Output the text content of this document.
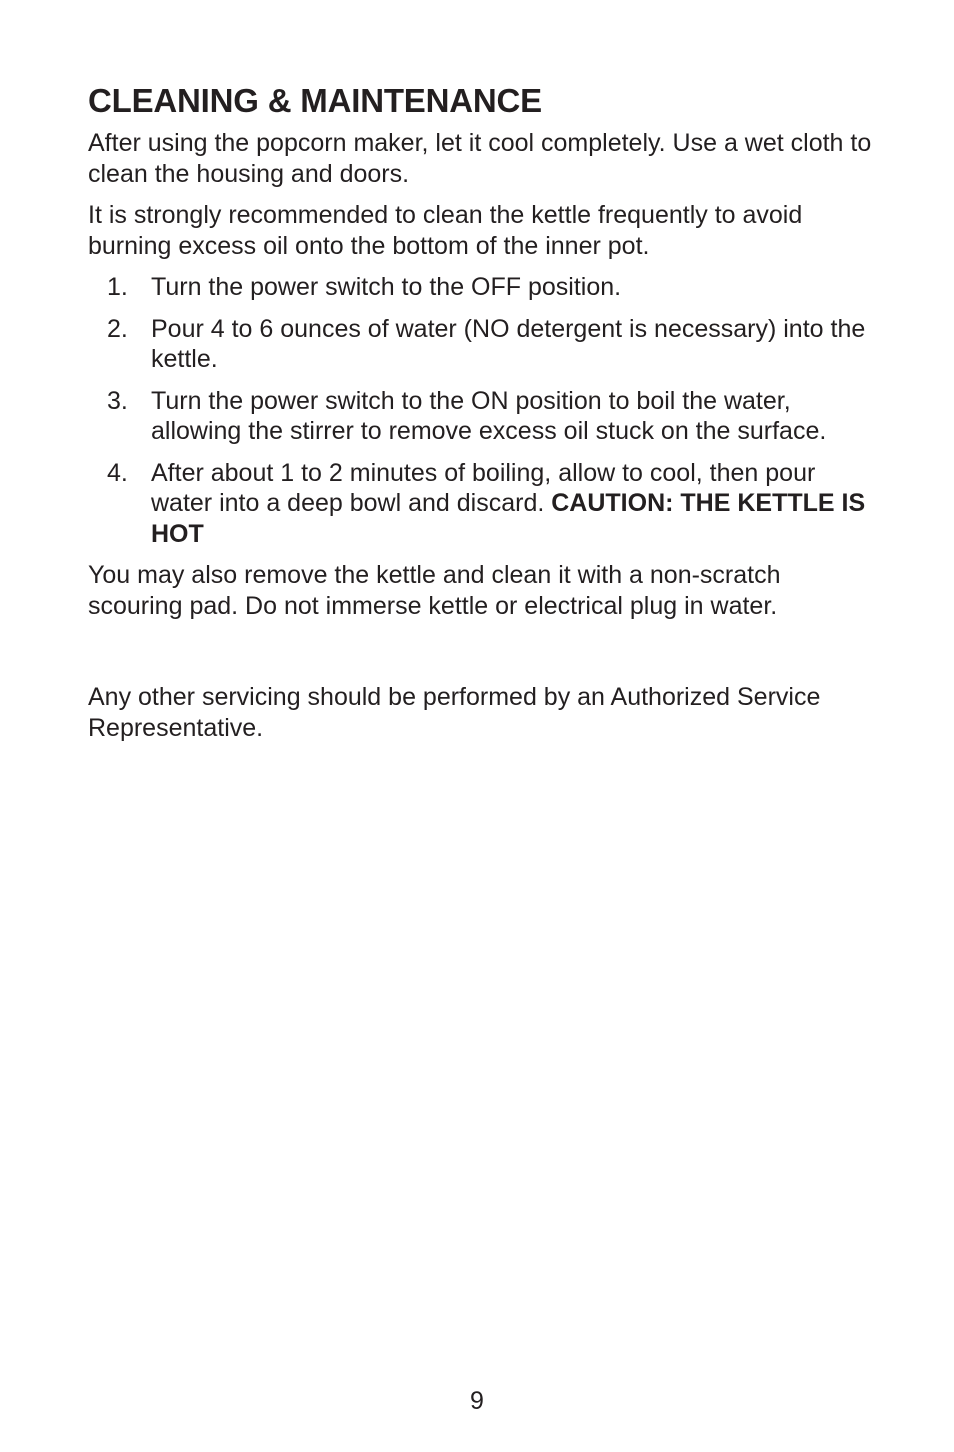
CLEANING & MAINTENANCE

After using the popcorn maker, let it cool completely. Use a wet cloth to clean the housing and doors.

It is strongly recommended to clean the kettle frequently to avoid burning excess oil onto the bottom of the inner pot.

1. Turn the power switch to the OFF position.
2. Pour 4 to 6 ounces of water (NO detergent is necessary) into the kettle.
3. Turn the power switch to the ON position to boil the water, allowing the stirrer to remove excess oil stuck on the surface.
4. After about 1 to 2 minutes of boiling, allow to cool, then pour water into a deep bowl and discard. CAUTION: THE KETTLE IS HOT

You may also remove the kettle and clean it with a non-scratch scouring pad. Do not immerse kettle or electrical plug in water.

Any other servicing should be performed by an Authorized Service Representative.

9
